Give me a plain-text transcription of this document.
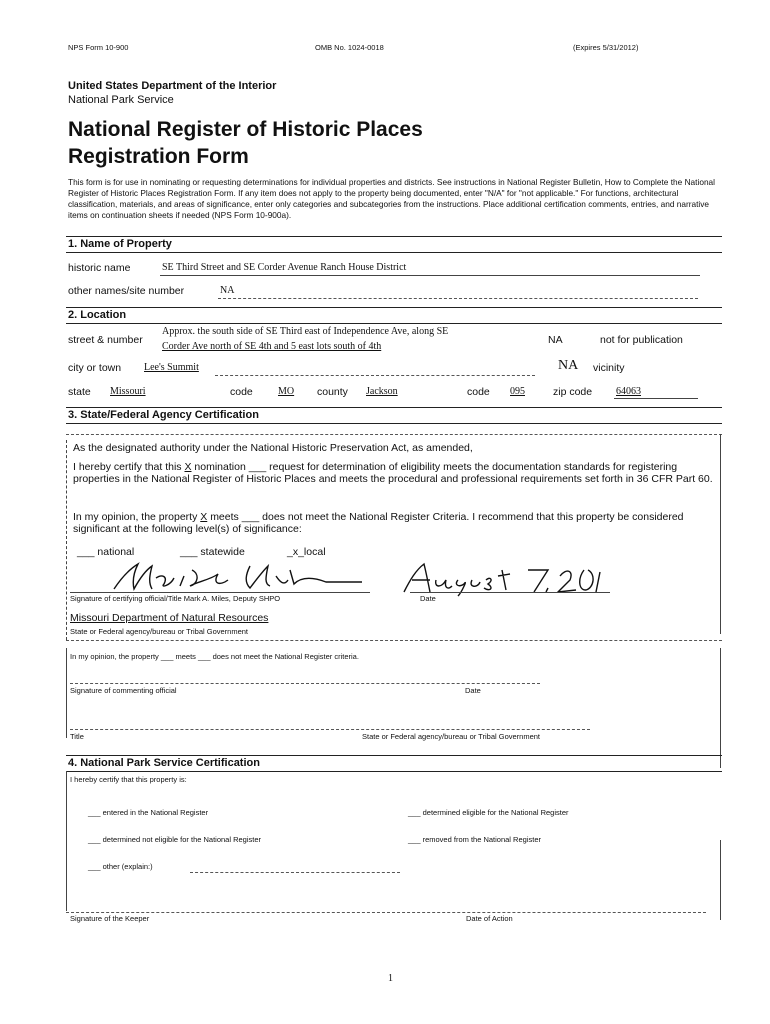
NPS Form 10-900	OMB No. 1024-0018	(Expires 5/31/2012)
United States Department of the Interior
National Park Service
National Register of Historic Places
Registration Form
This form is for use in nominating or requesting determinations for individual properties and districts. See instructions in National Register Bulletin, How to Complete the National Register of Historic Places Registration Form. If any item does not apply to the property being documented, enter "N/A" for "not applicable." For functions, architectural classification, materials, and areas of significance, enter only categories and subcategories from the instructions. Place additional certification comments, entries, and narrative items on continuation sheets if needed (NPS Form 10-900a).
1. Name of Property
historic name	SE Third Street and SE Corder Avenue Ranch House District
other names/site number	NA
2. Location
street & number
Approx. the south side of SE Third east of Independence Ave, along SE
Corder Ave north of SE 4th and 5 east lots south of 4th
NA	not for publication
city or town Lee's Summit	NA vicinity
state Missouri	code	MO county Jackson	code 095	zip code 64063
3. State/Federal Agency Certification
As the designated authority under the National Historic Preservation Act, as amended,
I hereby certify that this X nomination ___ request for determination of eligibility meets the documentation standards for registering properties in the National Register of Historic Places and meets the procedural and professional requirements set forth in 36 CFR Part 60.
In my opinion, the property X meets ___ does not meet the National Register Criteria. I recommend that this property be considered significant at the following level(s) of significance:
___ national	___ statewide	_x_local
Signature of certifying official/Title Mark A. Miles, Deputy SHPO	Date
Missouri Department of Natural Resources
State or Federal agency/bureau or Tribal Government
In my opinion, the property ___ meets ___ does not meet the National Register criteria.
Signature of commenting official	Date
Title	State or Federal agency/bureau or Tribal Government
4. National Park Service Certification
I hereby certify that this property is:
___ entered in the National Register	___ determined eligible for the National Register
___ determined not eligible for the National Register	___ removed from the National Register
___ other (explain:)
Signature of the Keeper	Date of Action
1
